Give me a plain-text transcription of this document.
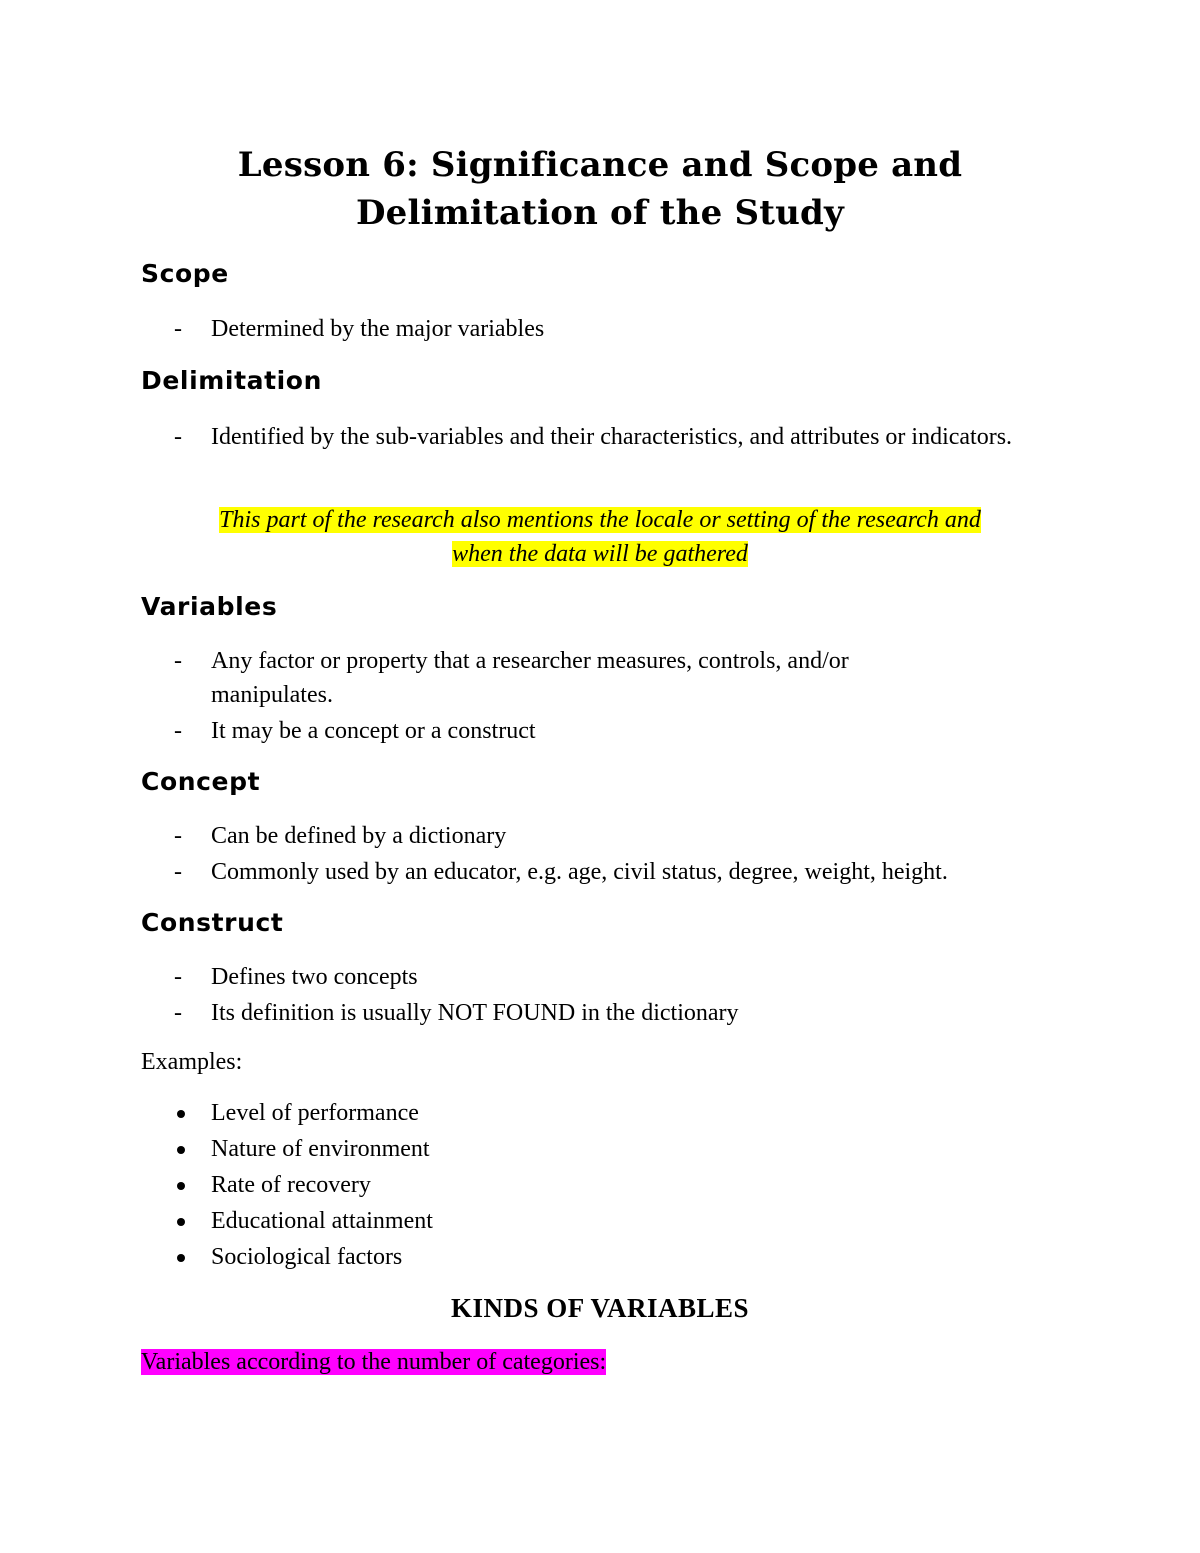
Lesson 6: Significance and Scope and
Delimitation of the Study
Scope
- Determined by the major variables
Delimitation
- Identified by the sub-variables and their characteristics, and attributes or indicators.

This part of the research also mentions the locale or setting of the research and
when the data will be gathered

Variables
- Any factor or property that a researcher measures, controls, and/or manipulates.
- It may be a concept or a construct
Concept
- Can be defined by a dictionary
- Commonly used by an educator, e.g. age, civil status, degree, weight, height.
Construct
- Defines two concepts
- Its definition is usually NOT FOUND in the dictionary

Examples:

Level of performance
Nature of environment
Rate of recovery
Educational attainment
Sociological factors
KINDS OF VARIABLES

Variables according to the number of categories:
